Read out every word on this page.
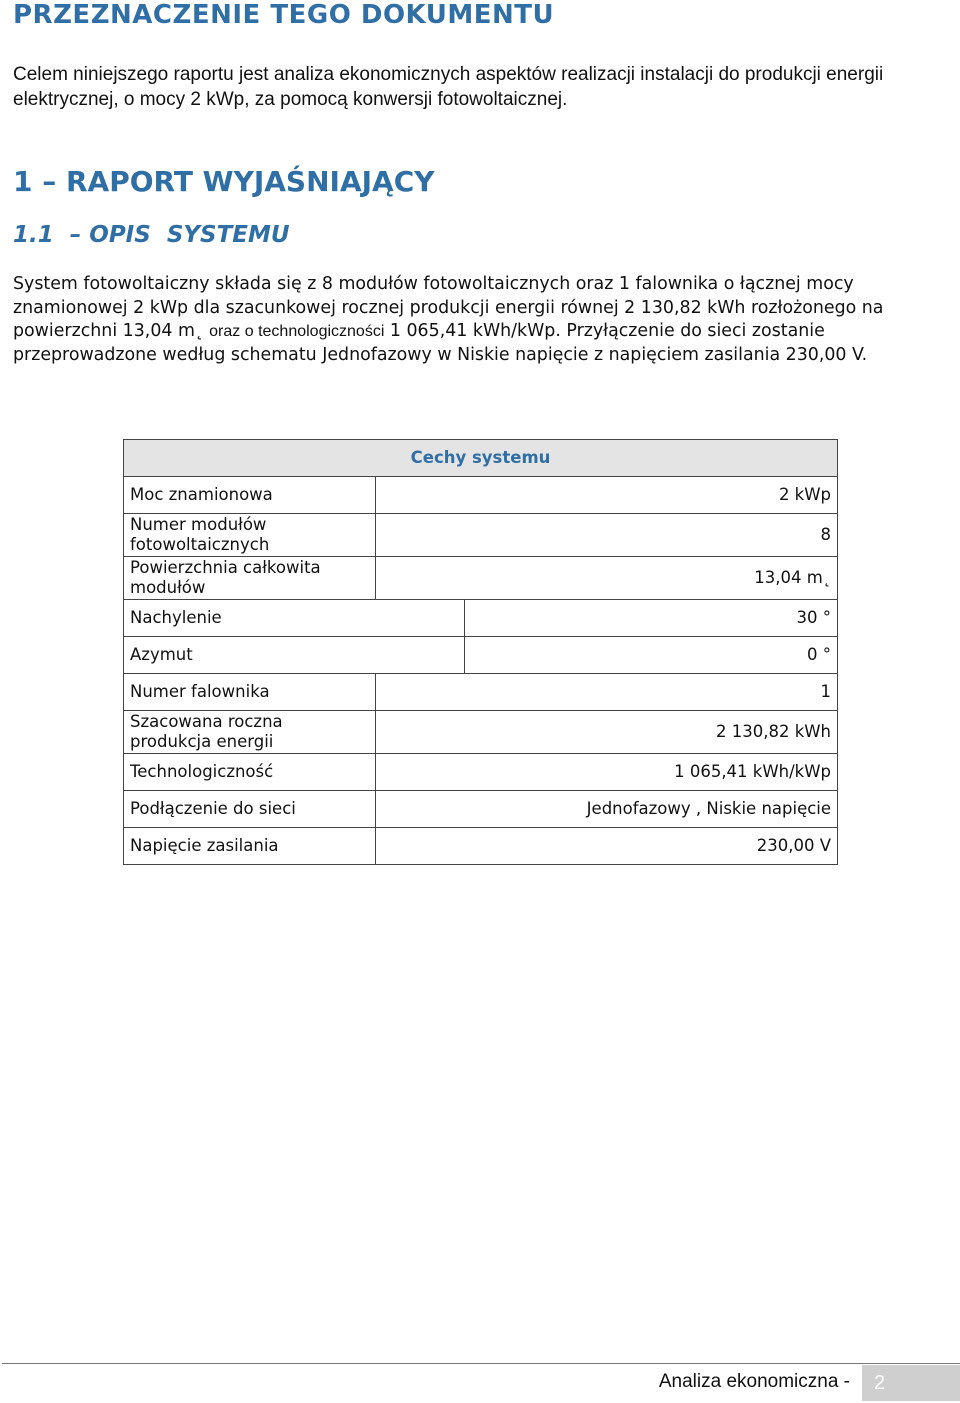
PRZEZNACZENIE TEGO DOKUMENTU
Celem niniejszego raportu jest analiza ekonomicznych aspektów realizacji instalacji do produkcji energii elektrycznej, o mocy 2 kWp, za pomocą konwersji fotowoltaicznej.
1 – RAPORT WYJAŚNIAJĄCY
1.1  – OPIS  SYSTEMU
System fotowoltaiczny składa się z 8 modułów fotowoltaicznych oraz 1 falownika o łącznej mocy znamionowej 2 kWp dla szacunkowej rocznej produkcji energii równej 2 130,82 kWh rozłożonego na powierzchni 13,04 m˛ oraz o technologiczności 1 065,41 kWh/kWp. Przyłączenie do sieci zostanie przeprowadzone według schematu Jednofazowy w Niskie napięcie z napięciem zasilania 230,00 V.
Cechy systemu		
Moc znamionowa	2 kWp	
Numer modułów fotowoltaicznych	8	
Powierzchnia całkowita modułów	13,04 m˛	
Nachylenie		30 °
Azymut		0 °
Numer falownika	1	
Szacowana roczna produkcja energii	2 130,82 kWh	
Technologiczność	1 065,41 kWh/kWp	
Podłączenie do sieci	Jednofazowy , Niskie napięcie	
Napięcie zasilania	230,00 V	
Analiza ekonomiczna -	2
